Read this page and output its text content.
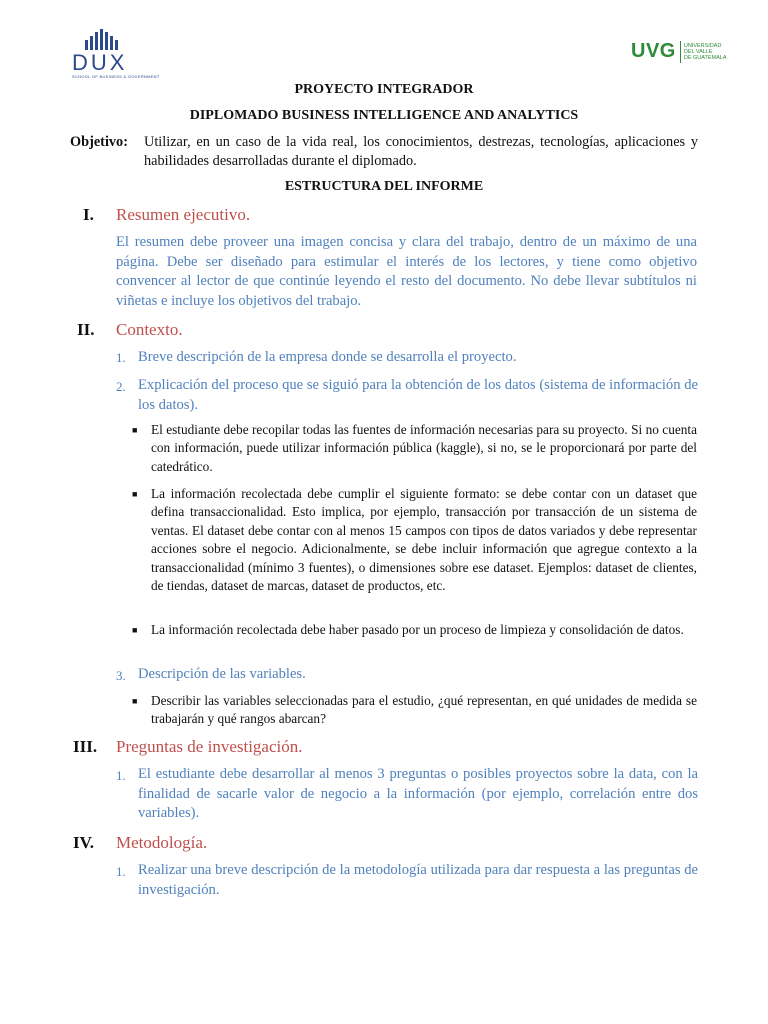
DUX
SCHOOL OF BUSINESS & GOVERNMENT
UVG UNIVERSIDAD
DEL VALLE
DE GUATEMALA
PROYECTO INTEGRADOR
DIPLOMADO BUSINESS INTELLIGENCE AND ANALYTICS
Objetivo: Utilizar, en un caso de la vida real, los conocimientos, destrezas, tecnologías, aplicaciones y habilidades desarrolladas durante el diplomado.
ESTRUCTURA DEL INFORME
I. Resumen ejecutivo.
El resumen debe proveer una imagen concisa y clara del trabajo, dentro de un máximo de una página. Debe ser diseñado para estimular el interés de los lectores, y tiene como objetivo convencer al lector de que continúe leyendo el resto del documento. No debe llevar subtítulos ni viñetas e incluye los objetivos del trabajo.
II. Contexto.
1. Breve descripción de la empresa donde se desarrolla el proyecto.
2. Explicación del proceso que se siguió para la obtención de los datos (sistema de información de los datos).
■ El estudiante debe recopilar todas las fuentes de información necesarias para su proyecto. Si no cuenta con información, puede utilizar información pública (kaggle), si no, se le proporcionará por parte del catedrático.
■ La información recolectada debe cumplir el siguiente formato: se debe contar con un dataset que defina transaccionalidad. Esto implica, por ejemplo, transacción por transacción de un sistema de ventas. El dataset debe contar con al menos 15 campos con tipos de datos variados y debe representar acciones sobre el negocio. Adicionalmente, se debe incluir información que agregue contexto a la transaccionalidad (mínimo 3 fuentes), o dimensiones sobre ese dataset. Ejemplos: dataset de clientes, de tiendas, dataset de marcas, dataset de productos, etc.
■ La información recolectada debe haber pasado por un proceso de limpieza y consolidación de datos.
3. Descripción de las variables.
■ Describir las variables seleccionadas para el estudio, ¿qué representan, en qué unidades de medida se trabajarán y qué rangos abarcan?
III. Preguntas de investigación.
1. El estudiante debe desarrollar al menos 3 preguntas o posibles proyectos sobre la data, con la finalidad de sacarle valor de negocio a la información (por ejemplo, correlación entre dos variables).
IV. Metodología.
1. Realizar una breve descripción de la metodología utilizada para dar respuesta a las preguntas de investigación.
